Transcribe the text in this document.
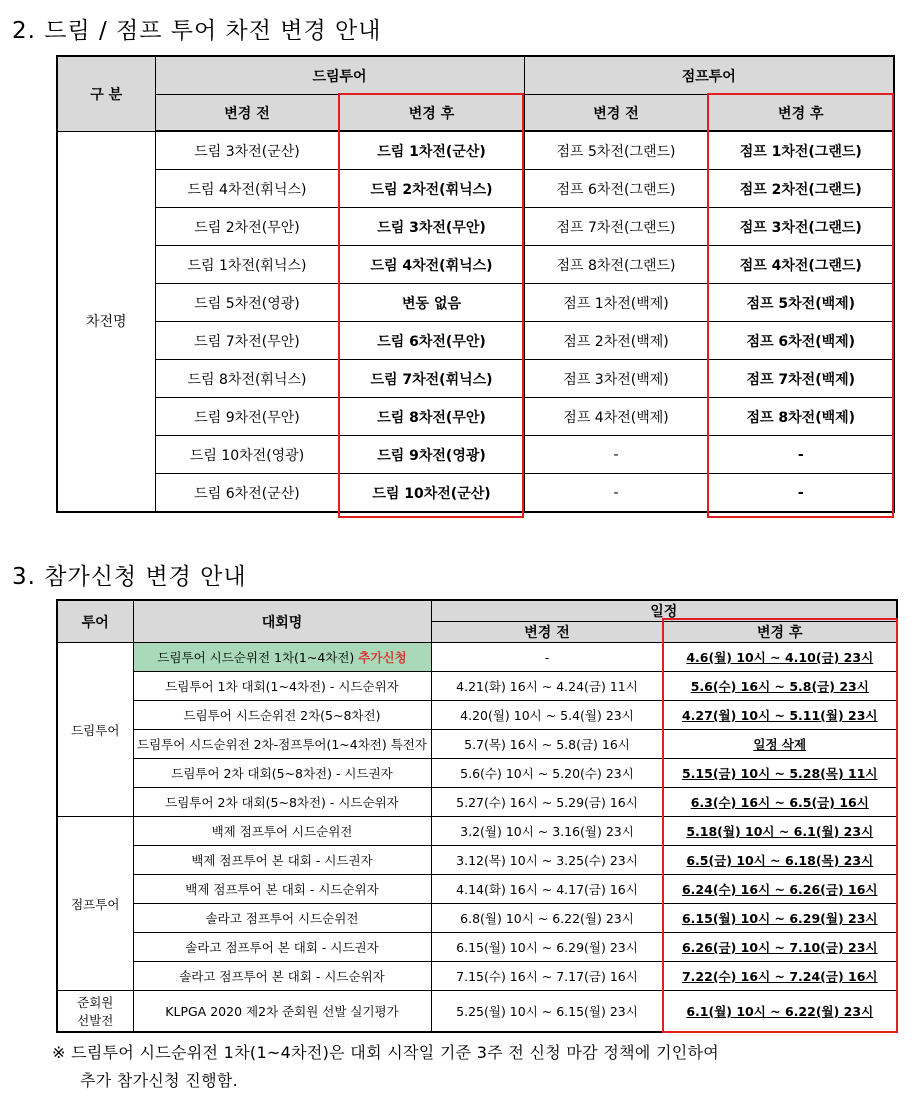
2. 드림 / 점프 투어 차전 변경 안내
구 분	드림투어		점프투어	
	변경 전	변경 후	변경 전	변경 후
차전명	드림 3차전(군산)	드림 1차전(군산)	점프 5차전(그랜드)	점프 1차전(그랜드)
	드림 4차전(휘닉스)	드림 2차전(휘닉스)	점프 6차전(그랜드)	점프 2차전(그랜드)
	드림 2차전(무안)	드림 3차전(무안)	점프 7차전(그랜드)	점프 3차전(그랜드)
	드림 1차전(휘닉스)	드림 4차전(휘닉스)	점프 8차전(그랜드)	점프 4차전(그랜드)
	드림 5차전(영광)	변동 없음	점프 1차전(백제)	점프 5차전(백제)
	드림 7차전(무안)	드림 6차전(무안)	점프 2차전(백제)	점프 6차전(백제)
	드림 8차전(휘닉스)	드림 7차전(휘닉스)	점프 3차전(백제)	점프 7차전(백제)
	드림 9차전(무안)	드림 8차전(무안)	점프 4차전(백제)	점프 8차전(백제)
	드림 10차전(영광)	드림 9차전(영광)	-	-
	드림 6차전(군산)	드림 10차전(군산)	-	-
3. 참가신청 변경 안내
투어	대회명	일정	
		변경 전	변경 후
드림투어	드림투어 시드순위전 1차(1~4차전) 추가신청	-	4.6(월) 10시 ~ 4.10(금) 23시
	드림투어 1차 대회(1~4차전) - 시드순위자	4.21(화) 16시 ~ 4.24(금) 11시	5.6(수) 16시 ~ 5.8(금) 23시
	드림투어 시드순위전 2차(5~8차전)	4.20(월) 10시 ~ 5.4(월) 23시	4.27(월) 10시 ~ 5.11(월) 23시
	드림투어 시드순위전 2차-점프투어(1~4차전) 특전자	5.7(목) 16시 ~ 5.8(금) 16시	일정 삭제
	드림투어 2차 대회(5~8차전) - 시드권자	5.6(수) 10시 ~ 5.20(수) 23시	5.15(금) 10시 ~ 5.28(목) 11시
	드림투어 2차 대회(5~8차전) - 시드순위자	5.27(수) 16시 ~ 5.29(금) 16시	6.3(수) 16시 ~ 6.5(금) 16시
점프투어	백제 점프투어 시드순위전	3.2(월) 10시 ~ 3.16(월) 23시	5.18(월) 10시 ~ 6.1(월) 23시
	백제 점프투어 본 대회 - 시드권자	3.12(목) 10시 ~ 3.25(수) 23시	6.5(금) 10시 ~ 6.18(목) 23시
	백제 점프투어 본 대회 - 시드순위자	4.14(화) 16시 ~ 4.17(금) 16시	6.24(수) 16시 ~ 6.26(금) 16시
	솔라고 점프투어 시드순위전	6.8(월) 10시 ~ 6.22(월) 23시	6.15(월) 10시 ~ 6.29(월) 23시
	솔라고 점프투어 본 대회 - 시드권자	6.15(월) 10시 ~ 6.29(월) 23시	6.26(금) 10시 ~ 7.10(금) 23시
	솔라고 점프투어 본 대회 - 시드순위자	7.15(수) 16시 ~ 7.17(금) 16시	7.22(수) 16시 ~ 7.24(금) 16시
준회원
선발전	KLPGA 2020 제2차 준회원 선발 실기평가	5.25(월) 10시 ~ 6.15(월) 23시	6.1(월) 10시 ~ 6.22(월) 23시
※ 드림투어 시드순위전 1차(1~4차전)은 대회 시작일 기준 3주 전 신청 마감 정책에 기인하여
추가 참가신청 진행함.
